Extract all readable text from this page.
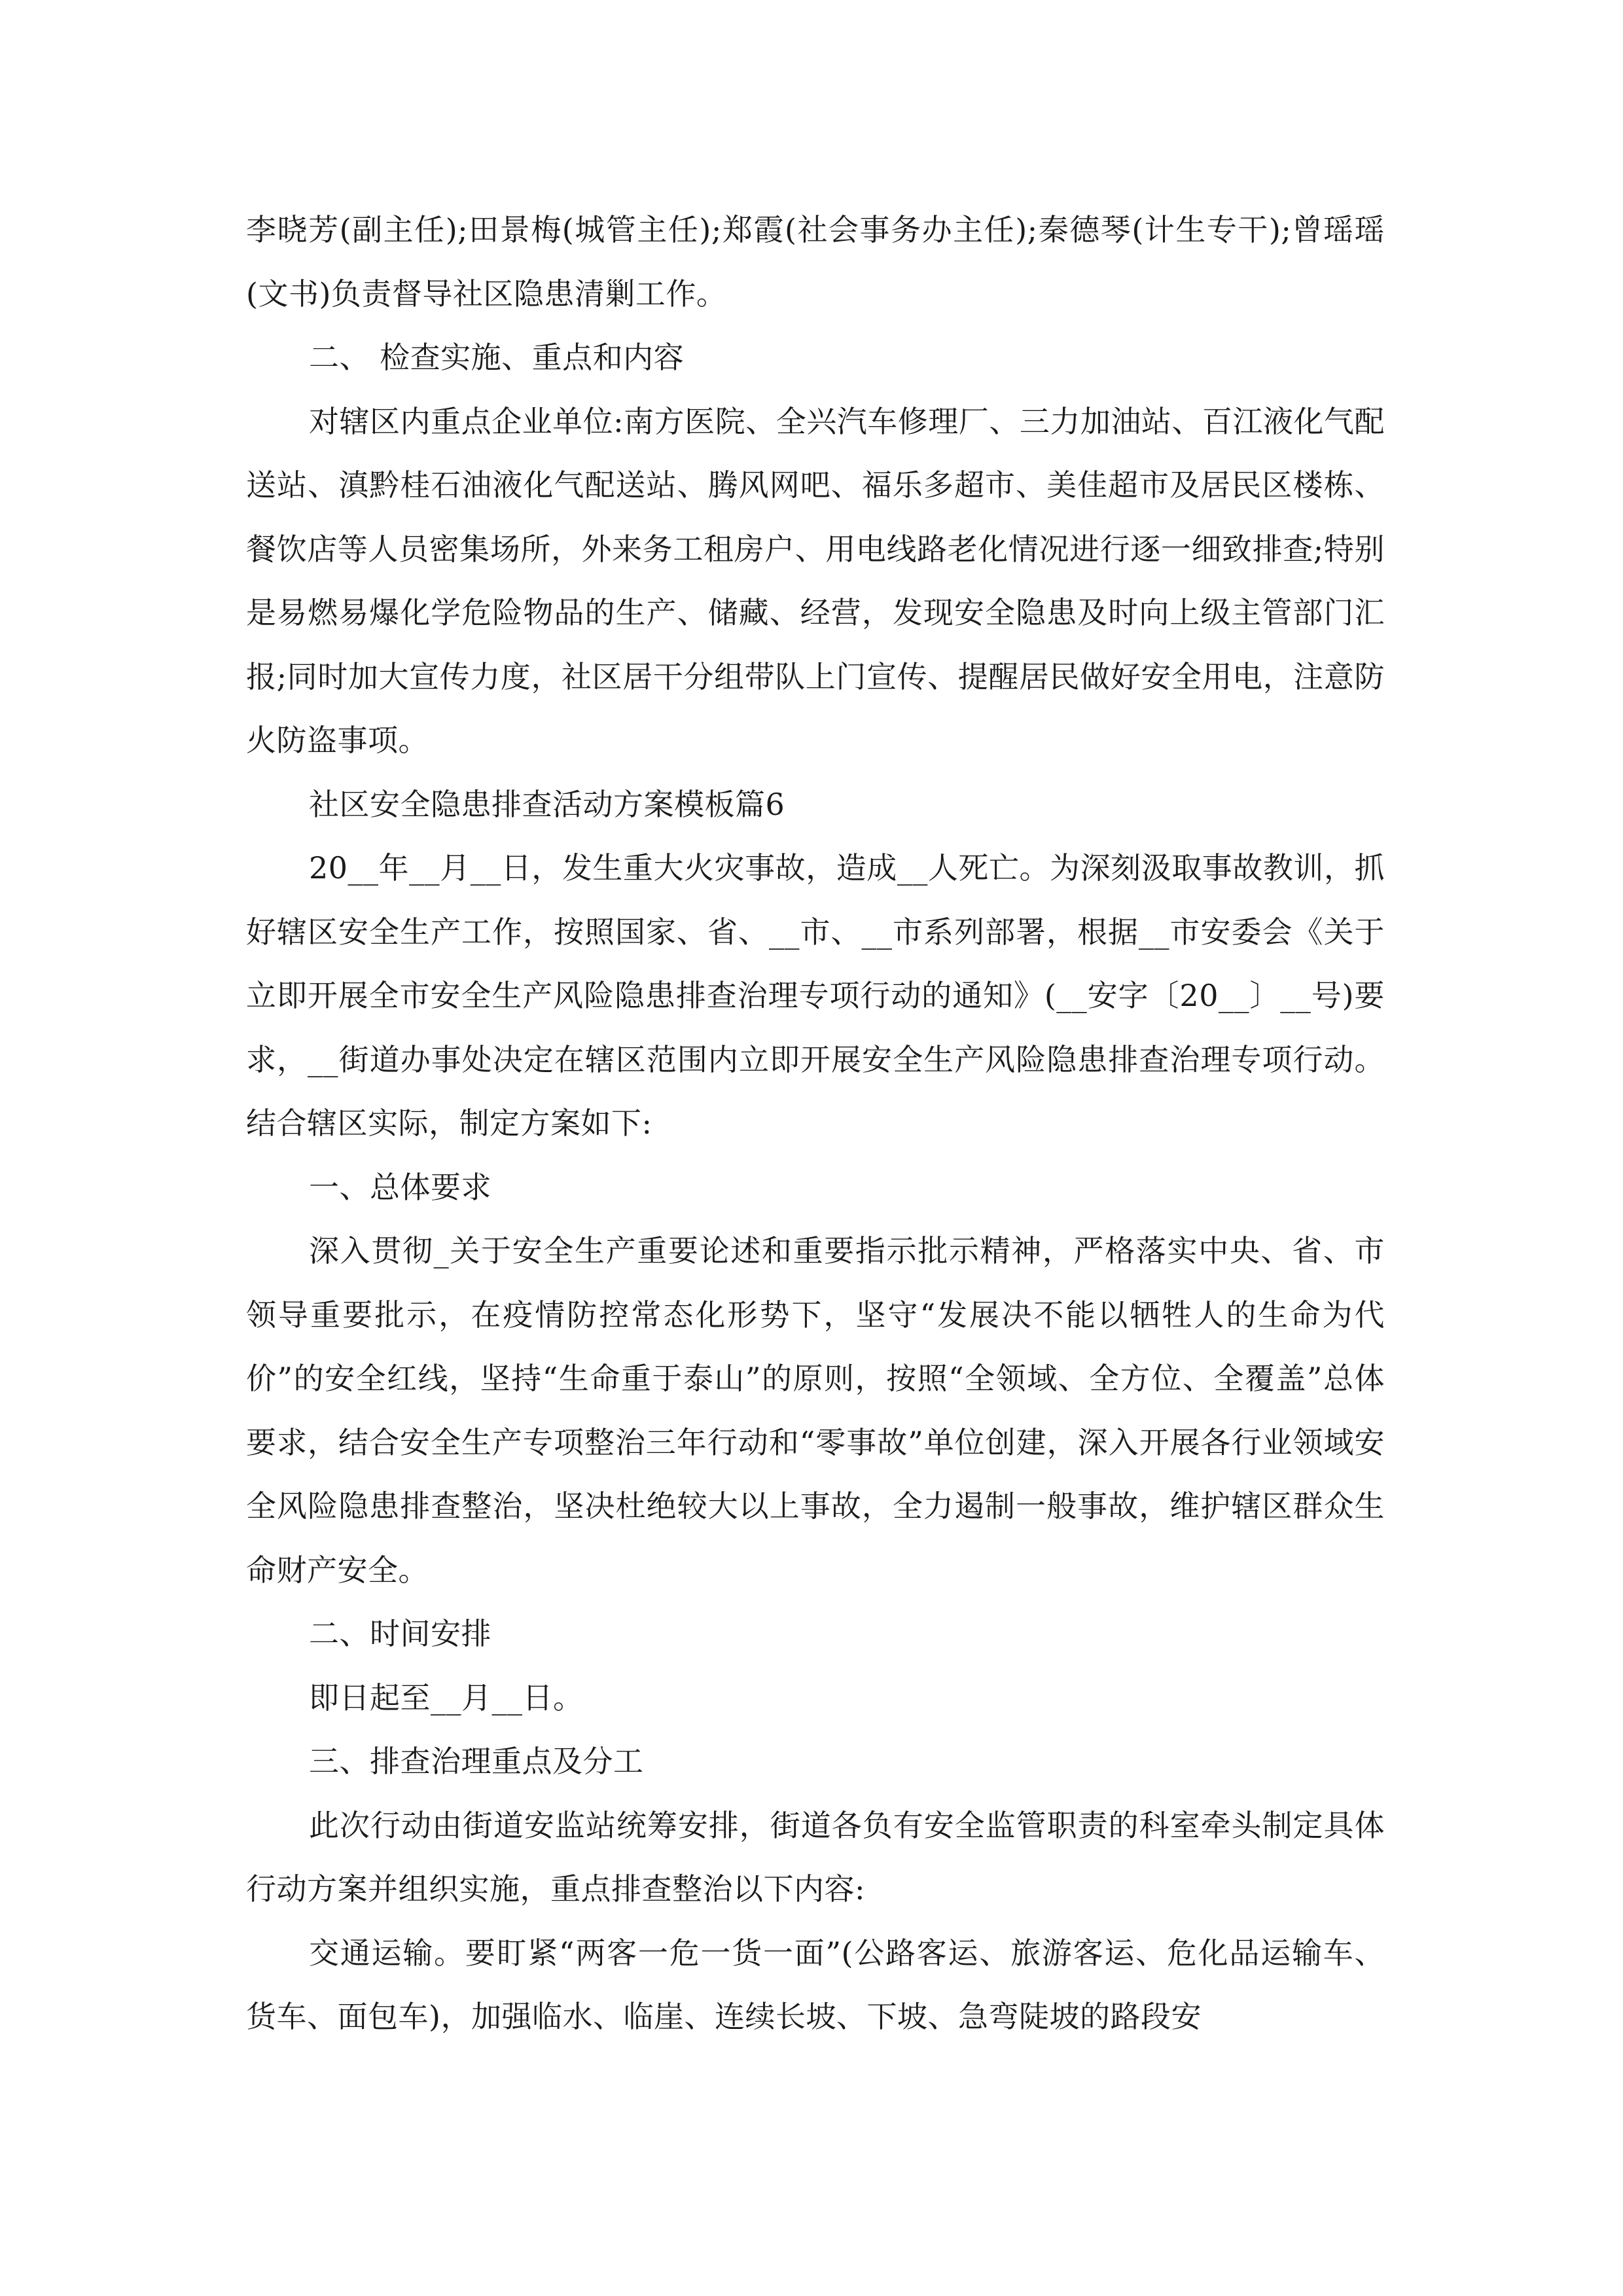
李晓芳(副主任);田景梅(城管主任);郑霞(社会事务办主任);秦德琴(计生专干);曾瑶瑶(文书)负责督导社区隐患清剿工作。

二、 检查实施、重点和内容

对辖区内重点企业单位:南方医院、全兴汽车修理厂、三力加油站、百江液化气配送站、滇黔桂石油液化气配送站、腾风网吧、福乐多超市、美佳超市及居民区楼栋、餐饮店等人员密集场所，外来务工租房户、用电线路老化情况进行逐一细致排查;特别是易燃易爆化学危险物品的生产、储藏、经营，发现安全隐患及时向上级主管部门汇报;同时加大宣传力度，社区居干分组带队上门宣传、提醒居民做好安全用电，注意防火防盗事项。

社区安全隐患排查活动方案模板篇6

20__年__月__日，发生重大火灾事故，造成__人死亡。为深刻汲取事故教训，抓好辖区安全生产工作，按照国家、省、__市、__市系列部署，根据__市安委会《关于立即开展全市安全生产风险隐患排查治理专项行动的通知》(__安字〔20__〕__号)要求，__街道办事处决定在辖区范围内立即开展安全生产风险隐患排查治理专项行动。结合辖区实际，制定方案如下:

一、总体要求

深入贯彻_关于安全生产重要论述和重要指示批示精神，严格落实中央、省、市领导重要批示，在疫情防控常态化形势下，坚守“发展决不能以牺牲人的生命为代价”的安全红线，坚持“生命重于泰山”的原则，按照“全领域、全方位、全覆盖”总体要求，结合安全生产专项整治三年行动和“零事故”单位创建，深入开展各行业领域安全风险隐患排查整治，坚决杜绝较大以上事故，全力遏制一般事故，维护辖区群众生命财产安全。

二、时间安排

即日起至__月__日。

三、排查治理重点及分工

此次行动由街道安监站统筹安排，街道各负有安全监管职责的科室牵头制定具体行动方案并组织实施，重点排查整治以下内容:

交通运输。要盯紧“两客一危一货一面”(公路客运、旅游客运、危化品运输车、货车、面包车)，加强临水、临崖、连续长坡、下坡、急弯陡坡的路段安
